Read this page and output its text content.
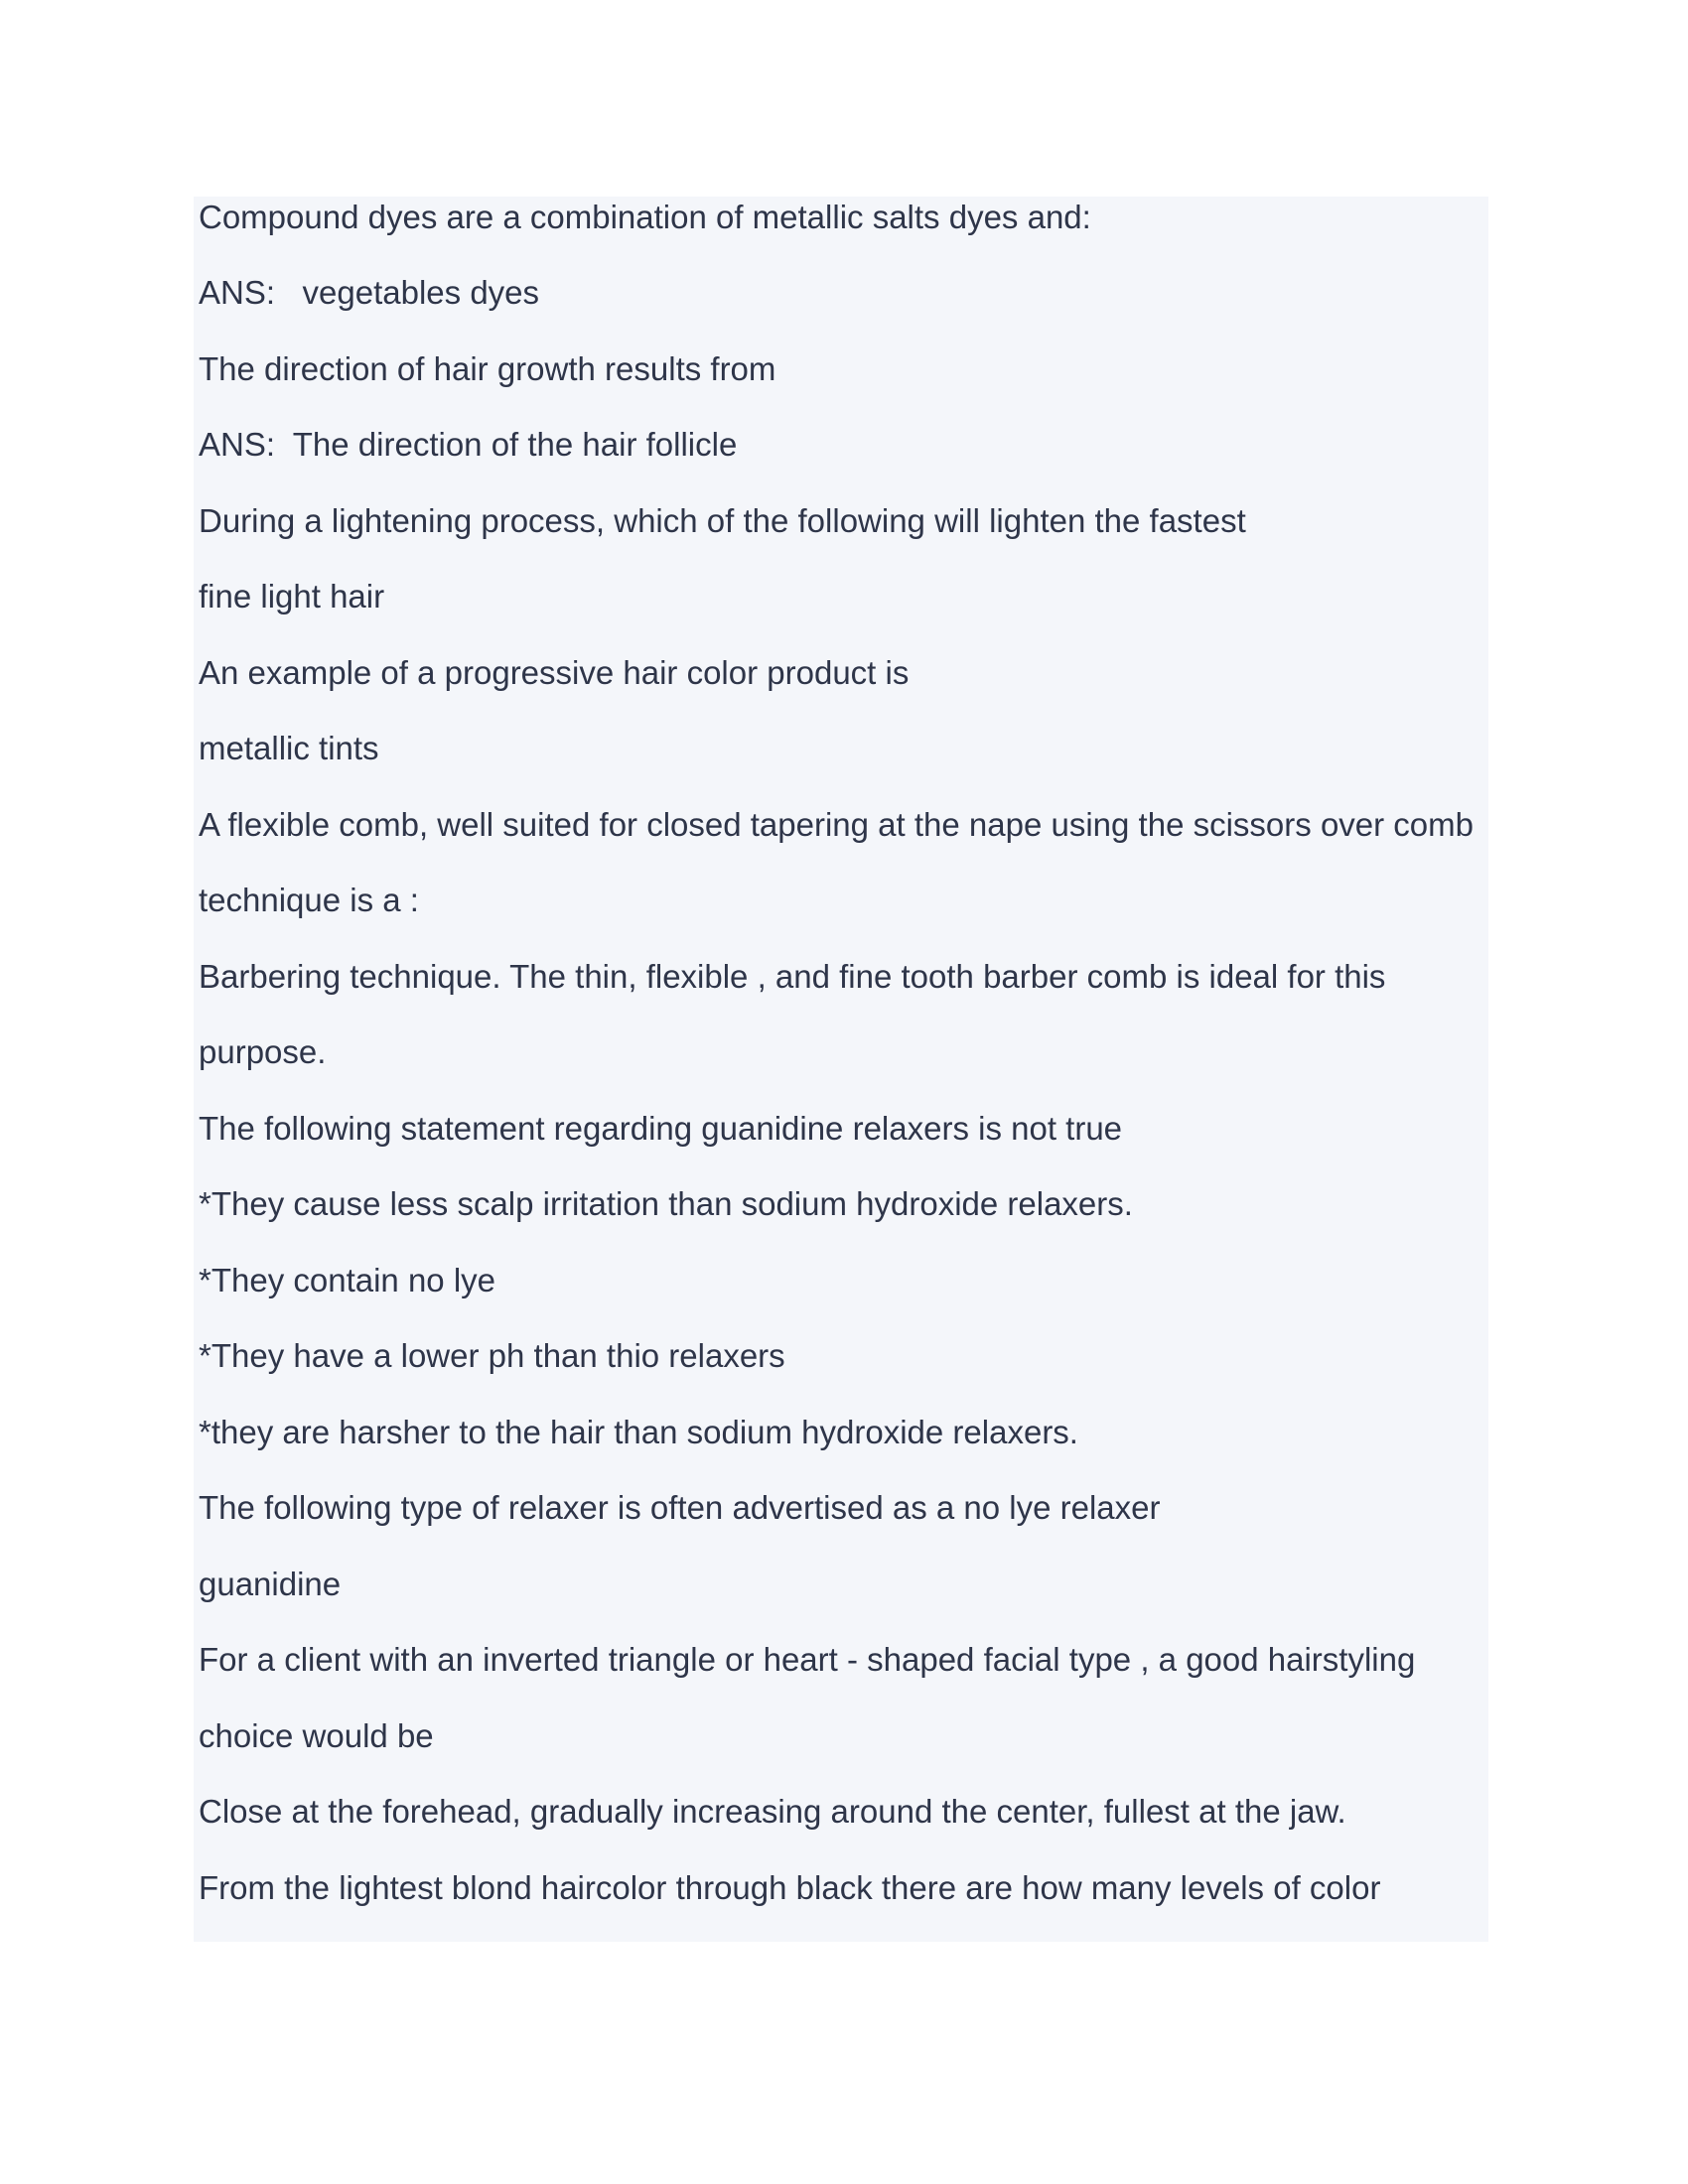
Compound dyes are a combination of metallic salts dyes and:

ANS:   vegetables dyes

The direction of hair growth results from

ANS:  The direction of the hair follicle

During a lightening process, which of the following will lighten the fastest

fine light hair

An example of a progressive hair color product is

metallic tints

A flexible comb, well suited for closed tapering at the nape using the scissors over comb

technique is a :

Barbering technique. The thin, flexible , and fine tooth barber comb is ideal for this

purpose.

The following statement regarding guanidine relaxers is not true

*They cause less scalp irritation than sodium hydroxide relaxers.

*They contain no lye

*They have a lower ph than thio relaxers

*they are harsher to the hair than sodium hydroxide relaxers.

The following type of relaxer is often advertised as a no lye relaxer

guanidine

For a client with an inverted triangle or heart - shaped facial type , a good hairstyling

choice would be

Close at the forehead, gradually increasing around the center, fullest at the jaw.

From the lightest blond haircolor through black there are how many levels of color
